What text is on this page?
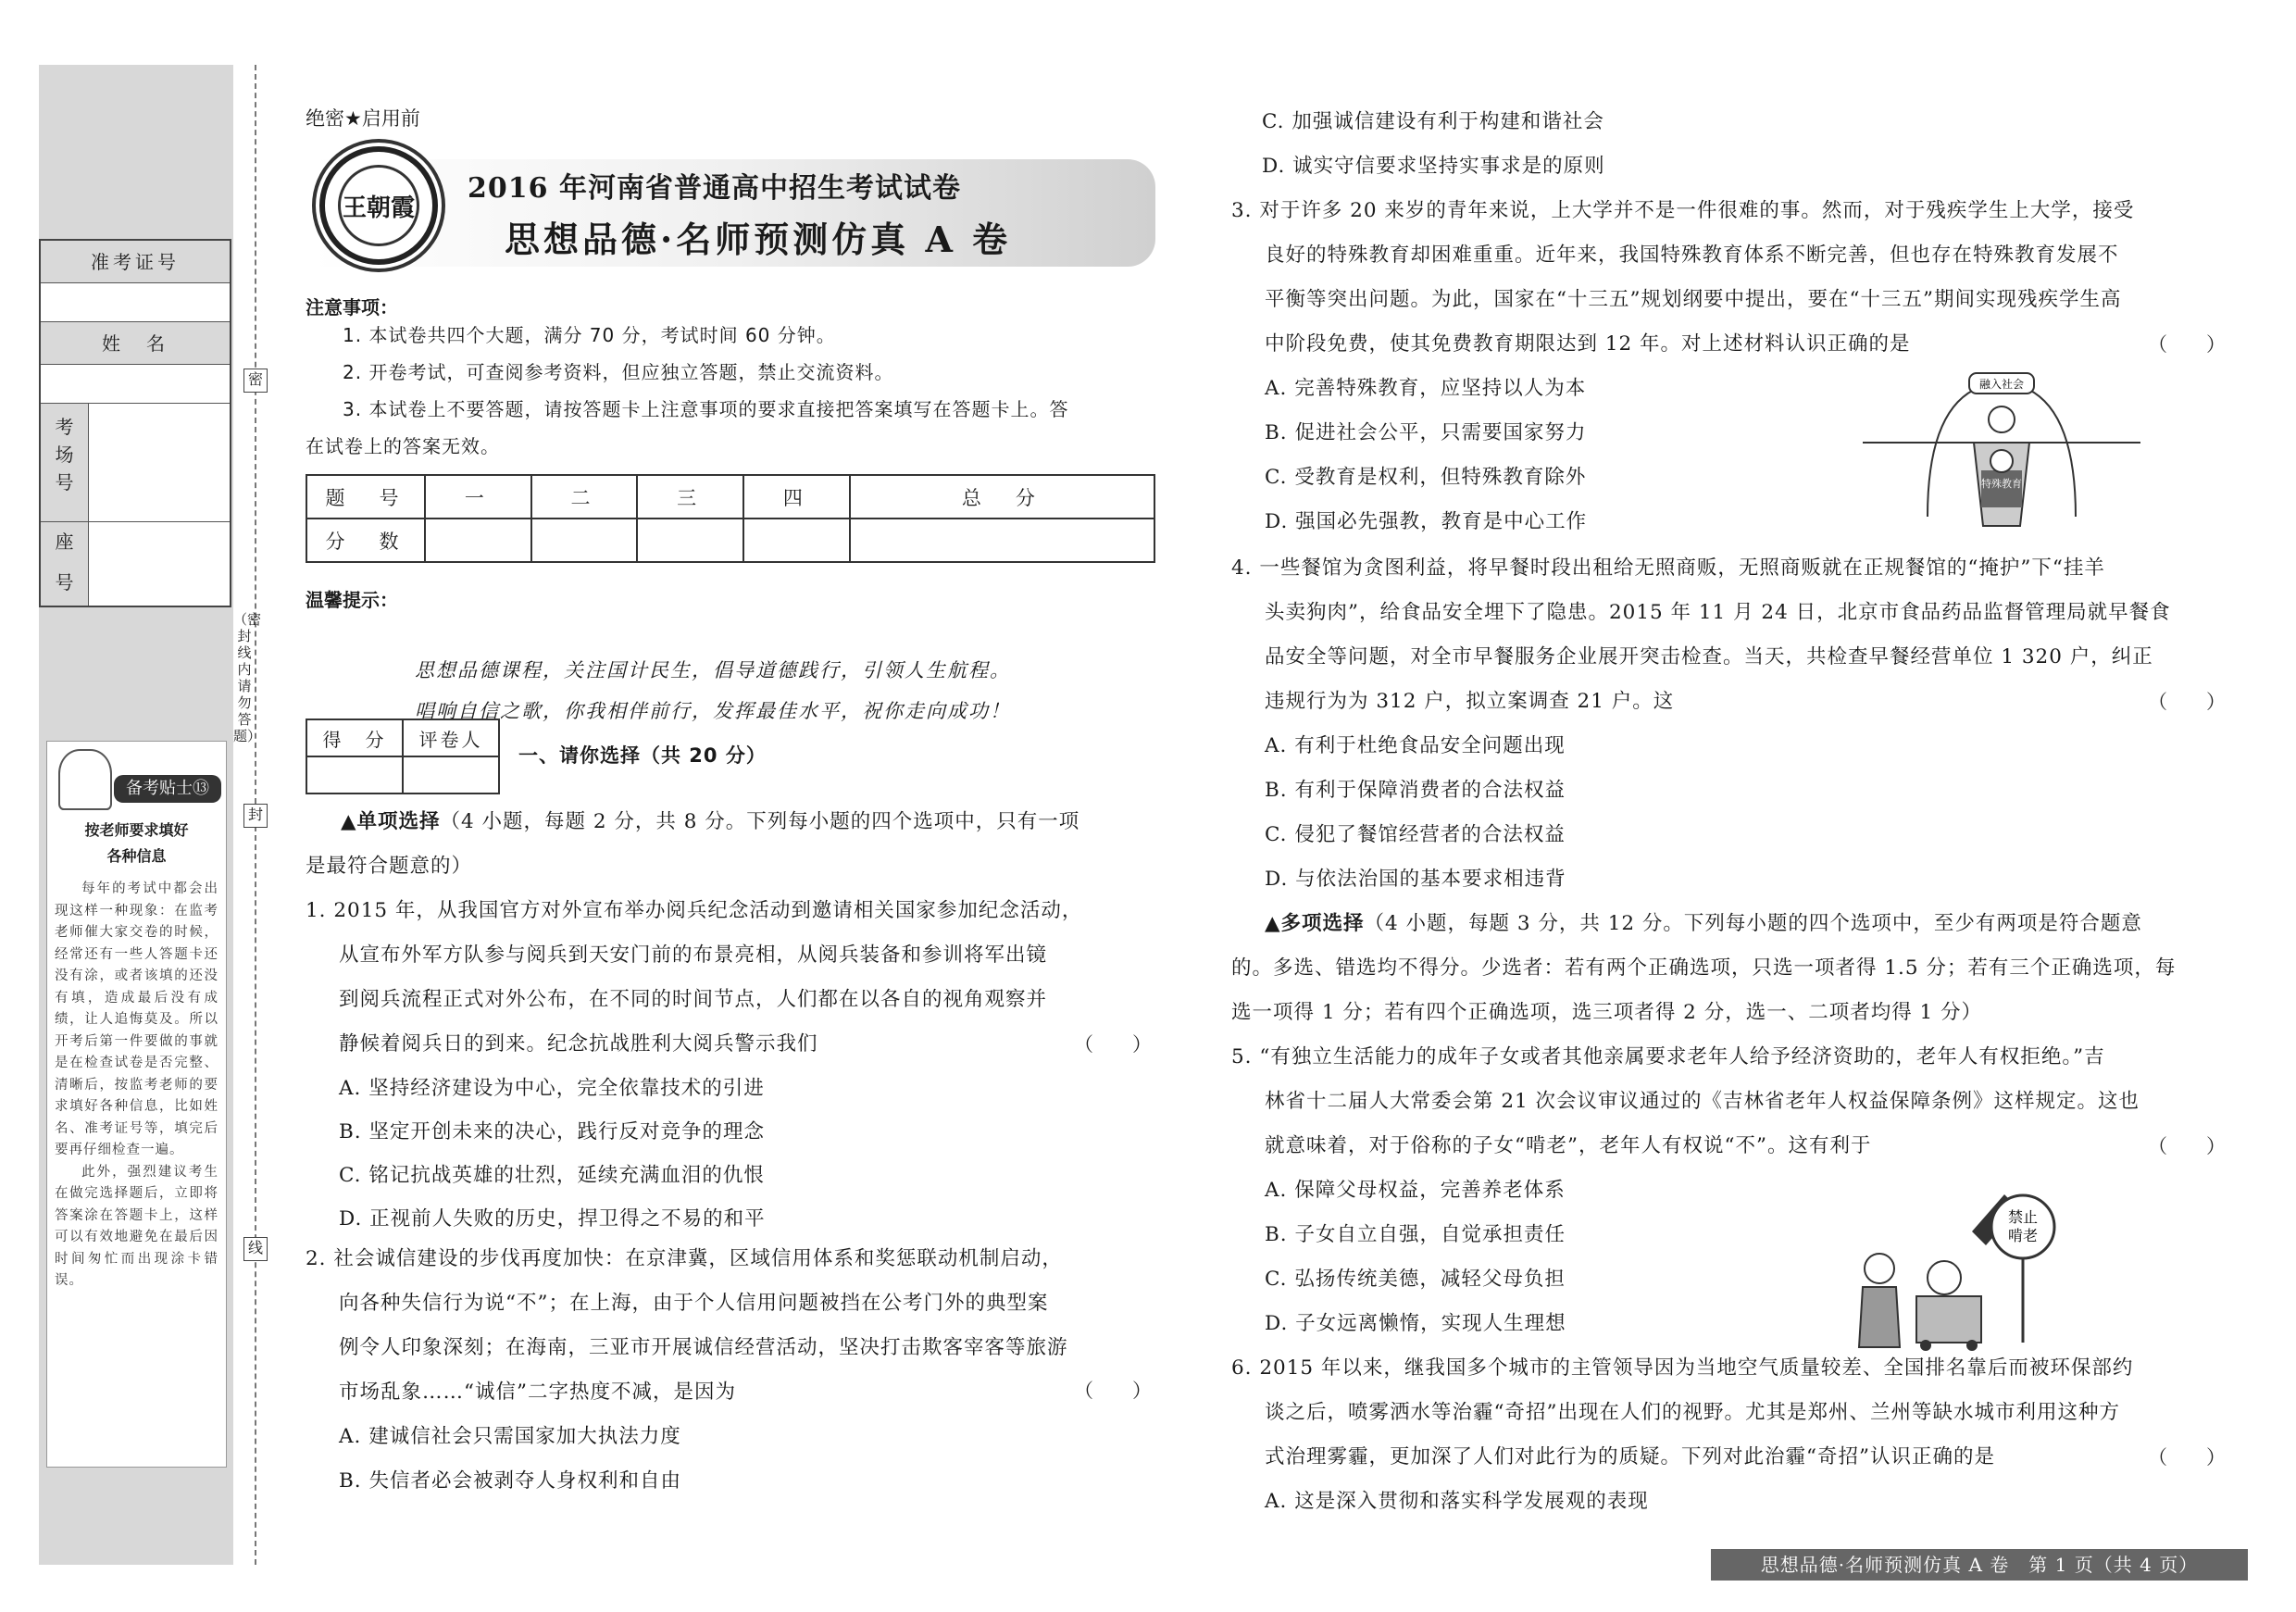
准考证号
姓　名
考
场
号
座
号
备考贴士⑬
按老师要求填好
各种信息
每年的考试中都会出现这样一种现象：在监考老师催大家交卷的时候，经常还有一些人答题卡还没有涂，或者该填的还没有填，造成最后没有成绩，让人追悔莫及。所以开考后第一件要做的事就是在检查试卷是否完整、清晰后，按监考老师的要求填好各种信息，比如姓名、准考证号等，填完后要再仔细检查一遍。
此外，强烈建议考生在做完选择题后，立即将答案涂在答题卡上，这样可以有效地避免在最后因时间匆忙而出现涂卡错误。
密
封
线
（密封线内请勿答题）
绝密★启用前
王朝霞
2016 年河南省普通高中招生考试试卷
思想品德·名师预测仿真 A 卷
注意事项：
1. 本试卷共四个大题，满分 70 分，考试时间 60 分钟。
2. 开卷考试，可查阅参考资料，但应独立答题，禁止交流资料。
3. 本试卷上不要答题，请按答题卡上注意事项的要求直接把答案填写在答题卡上。答
在试卷上的答案无效。
题　号	一	二	三	四	总　分
分　数					
温馨提示：
思想品德课程，关注国计民生，倡导道德践行，引领人生航程。
唱响自信之歌，你我相伴前行，发挥最佳水平，祝你走向成功！
得　分	评卷人

一、请你选择（共 20 分）
▲单项选择（4 小题，每题 2 分，共 8 分。下列每小题的四个选项中，只有一项
是最符合题意的）
1. 2015 年，从我国官方对外宣布举办阅兵纪念活动到邀请相关国家参加纪念活动，
从宣布外军方队参与阅兵到天安门前的布景亮相，从阅兵装备和参训将军出镜
到阅兵流程正式对外公布，在不同的时间节点，人们都在以各自的视角观察并
静候着阅兵日的到来。纪念抗战胜利大阅兵警示我们
A. 坚持经济建设为中心，完全依靠技术的引进
B. 坚定开创未来的决心，践行反对竞争的理念
C. 铭记抗战英雄的壮烈，延续充满血泪的仇恨
D. 正视前人失败的历史，捍卫得之不易的和平
（　　）
2. 社会诚信建设的步伐再度加快：在京津冀，区域信用体系和奖惩联动机制启动，
向各种失信行为说“不”；在上海，由于个人信用问题被挡在公考门外的典型案
例令人印象深刻；在海南，三亚市开展诚信经营活动，坚决打击欺客宰客等旅游
市场乱象……“诚信”二字热度不减，是因为
A. 建诚信社会只需国家加大执法力度
B. 失信者必会被剥夺人身权利和自由
（　　）
C. 加强诚信建设有利于构建和谐社会
D. 诚实守信要求坚持实事求是的原则
3. 对于许多 20 来岁的青年来说，上大学并不是一件很难的事。然而，对于残疾学生上大学，接受
良好的特殊教育却困难重重。近年来，我国特殊教育体系不断完善，但也存在特殊教育发展不
平衡等突出问题。为此，国家在“十三五”规划纲要中提出，要在“十三五”期间实现残疾学生高
中阶段免费，使其免费教育期限达到 12 年。对上述材料认识正确的是
A. 完善特殊教育，应坚持以人为本
B. 促进社会公平，只需要国家努力
C. 受教育是权利，但特殊教育除外
D. 强国必先强教，教育是中心工作
（　　）
融入社会
特殊教育
4. 一些餐馆为贪图利益，将早餐时段出租给无照商贩，无照商贩就在正规餐馆的“掩护”下“挂羊
头卖狗肉”，给食品安全埋下了隐患。2015 年 11 月 24 日，北京市食品药品监督管理局就早餐食
品安全等问题，对全市早餐服务企业展开突击检查。当天，共检查早餐经营单位 1 320 户，纠正
违规行为为 312 户，拟立案调查 21 户。这
A. 有利于杜绝食品安全问题出现
B. 有利于保障消费者的合法权益
C. 侵犯了餐馆经营者的合法权益
D. 与依法治国的基本要求相违背
（　　）
▲多项选择（4 小题，每题 3 分，共 12 分。下列每小题的四个选项中，至少有两项是符合题意
的。多选、错选均不得分。少选者：若有两个正确选项，只选一项者得 1.5 分；若有三个正确选项，每
选一项得 1 分；若有四个正确选项，选三项者得 2 分，选一、二项者均得 1 分）
5. “有独立生活能力的成年子女或者其他亲属要求老年人给予经济资助的，老年人有权拒绝。”吉
林省十二届人大常委会第 21 次会议审议通过的《吉林省老年人权益保障条例》这样规定。这也
就意味着，对于俗称的子女“啃老”，老年人有权说“不”。这有利于
A. 保障父母权益，完善养老体系
B. 子女自立自强，自觉承担责任
C. 弘扬传统美德，减轻父母负担
D. 子女远离懒惰，实现人生理想
（　　）
禁止
啃老
6. 2015 年以来，继我国多个城市的主管领导因为当地空气质量较差、全国排名靠后而被环保部约
谈之后，喷雾洒水等治霾“奇招”出现在人们的视野。尤其是郑州、兰州等缺水城市利用这种方
式治理雾霾，更加深了人们对此行为的质疑。下列对此治霾“奇招”认识正确的是
A. 这是深入贯彻和落实科学发展观的表现
（　　）
思想品德·名师预测仿真 A 卷　第 1 页（共 4 页）
